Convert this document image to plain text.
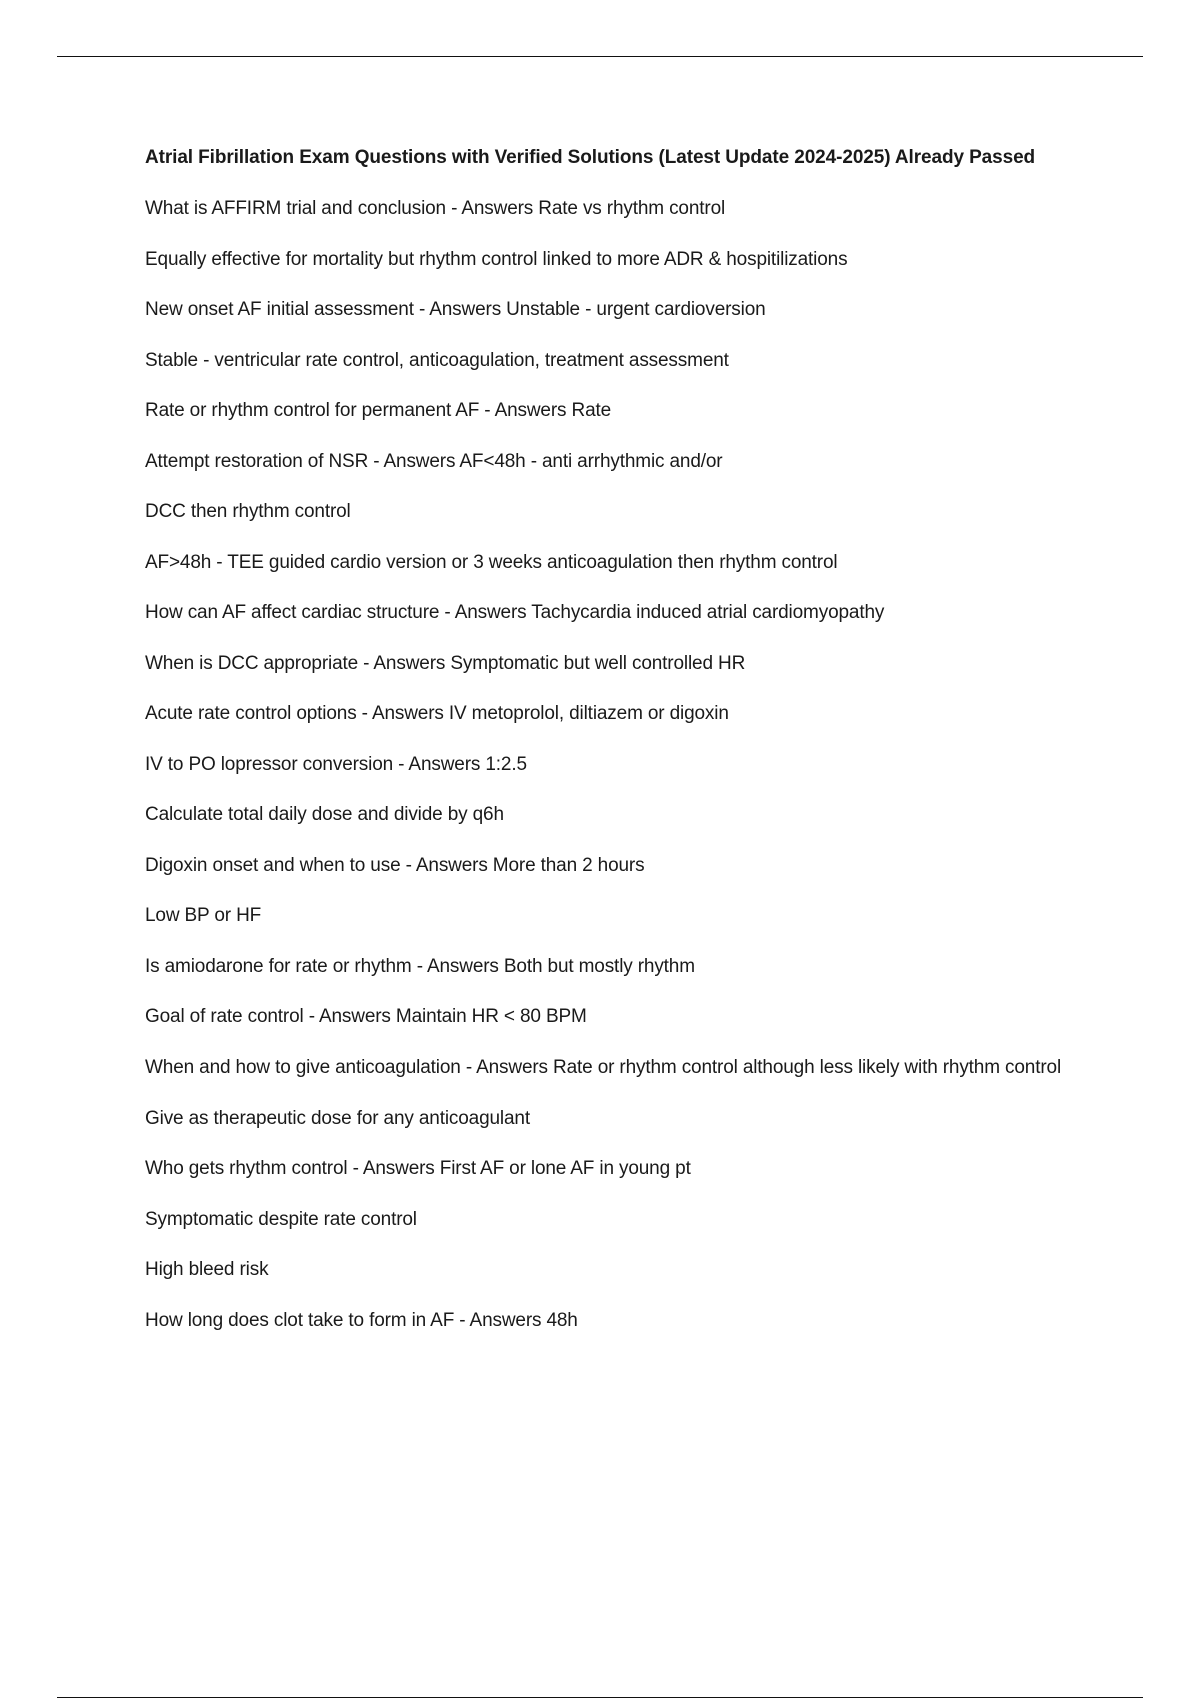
Atrial Fibrillation Exam Questions with Verified Solutions (Latest Update 2024-2025) Already Passed
What is AFFIRM trial and conclusion - Answers Rate vs rhythm control
Equally effective for mortality but rhythm control linked to more ADR & hospitilizations
New onset AF initial assessment - Answers Unstable - urgent cardioversion
Stable - ventricular rate control, anticoagulation, treatment assessment
Rate or rhythm control for permanent AF - Answers Rate
Attempt restoration of NSR - Answers AF<48h - anti arrhythmic and/or
DCC then rhythm control
AF>48h - TEE guided cardio version or 3 weeks anticoagulation then rhythm control
How can AF affect cardiac structure - Answers Tachycardia induced atrial cardiomyopathy
When is DCC appropriate - Answers Symptomatic but well controlled HR
Acute rate control options - Answers IV metoprolol, diltiazem or digoxin
IV to PO lopressor conversion - Answers 1:2.5
Calculate total daily dose and divide by q6h
Digoxin onset and when to use - Answers More than 2 hours
Low BP or HF
Is amiodarone for rate or rhythm - Answers Both but mostly rhythm
Goal of rate control - Answers Maintain HR < 80 BPM
When and how to give anticoagulation - Answers Rate or rhythm control although less likely with rhythm control
Give as therapeutic dose for any anticoagulant
Who gets rhythm control - Answers First AF or lone AF in young pt
Symptomatic despite rate control
High bleed risk
How long does clot take to form in AF - Answers 48h
